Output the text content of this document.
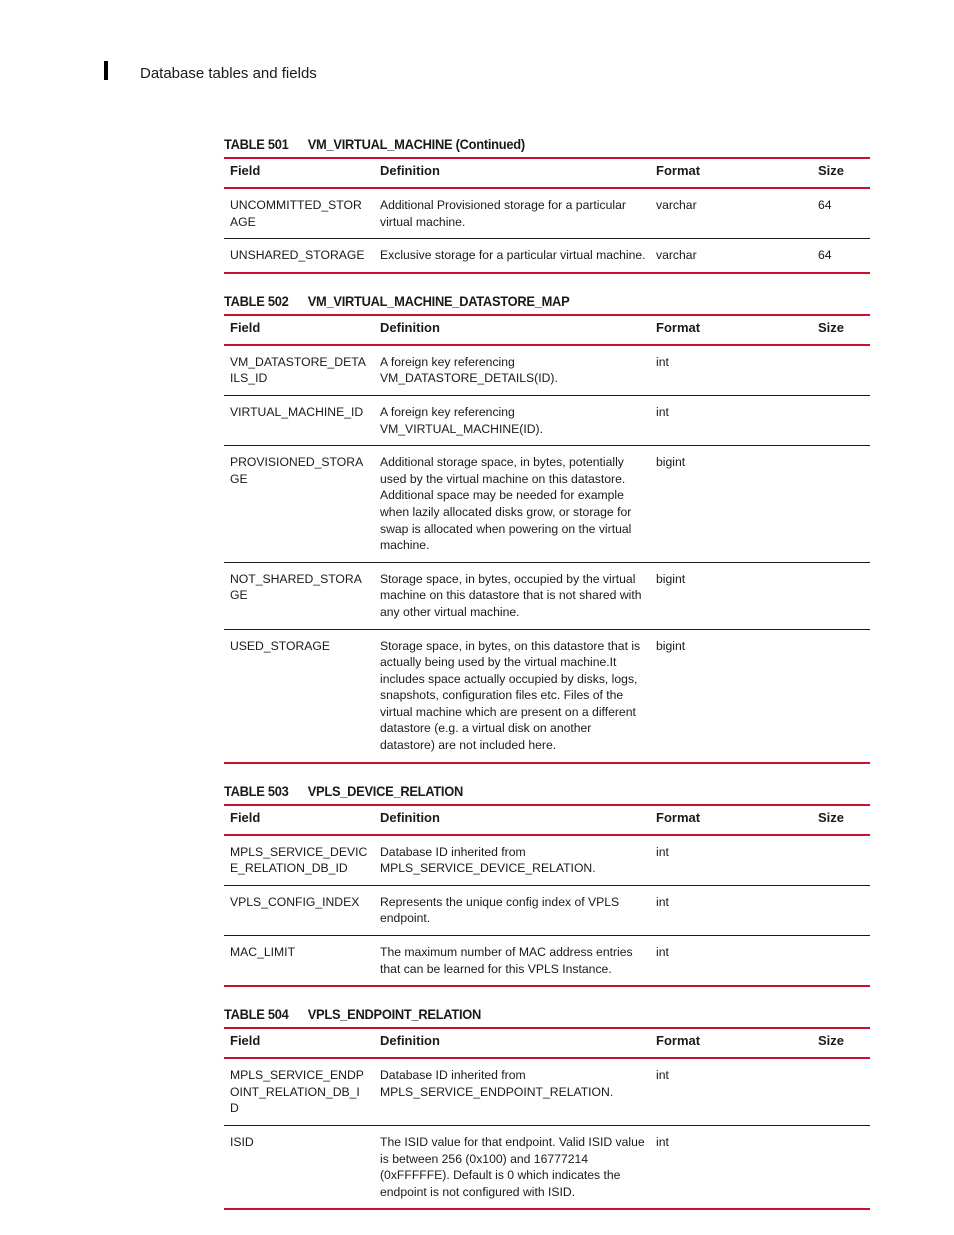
Database tables and fields
TABLE 501 VM_VIRTUAL_MACHINE (Continued)
Field	Definition	Format	Size
UNCOMMITTED_STORAGE	Additional Provisioned storage for a particular virtual machine.	varchar	64
UNSHARED_STORAGE	Exclusive storage for a particular virtual machine.	varchar	64
TABLE 502 VM_VIRTUAL_MACHINE_DATASTORE_MAP
Field	Definition	Format	Size
VM_DATASTORE_DETAILS_ID	A foreign key referencing VM_DATASTORE_DETAILS(ID).	int	
VIRTUAL_MACHINE_ID	A foreign key referencing VM_VIRTUAL_MACHINE(ID).	int	
PROVISIONED_STORAGE	Additional storage space, in bytes, potentially used by the virtual machine on this datastore. Additional space may be needed for example when lazily allocated disks grow, or storage for swap is allocated when powering on the virtual machine.	bigint	
NOT_SHARED_STORAGE	Storage space, in bytes, occupied by the virtual machine on this datastore that is not shared with any other virtual machine.	bigint	
USED_STORAGE	Storage space, in bytes, on this datastore that is actually being used by the virtual machine.It includes space actually occupied by disks, logs, snapshots, configuration files etc. Files of the virtual machine which are present on a different datastore (e.g. a virtual disk on another datastore) are not included here.	bigint	
TABLE 503 VPLS_DEVICE_RELATION
Field	Definition	Format	Size
MPLS_SERVICE_DEVICE_RELATION_DB_ID	Database ID inherited from MPLS_SERVICE_DEVICE_RELATION.	int	
VPLS_CONFIG_INDEX	Represents the unique config index of VPLS endpoint.	int	
MAC_LIMIT	The maximum number of MAC address entries that can be learned for this VPLS Instance.	int	
TABLE 504 VPLS_ENDPOINT_RELATION
Field	Definition	Format	Size
MPLS_SERVICE_ENDPOINT_RELATION_DB_ID	Database ID inherited from MPLS_SERVICE_ENDPOINT_RELATION.	int	
ISID	The ISID value for that endpoint. Valid ISID value is between 256 (0x100) and 16777214 (0xFFFFFE). Default is 0 which indicates the endpoint is not configured with ISID.	int	
